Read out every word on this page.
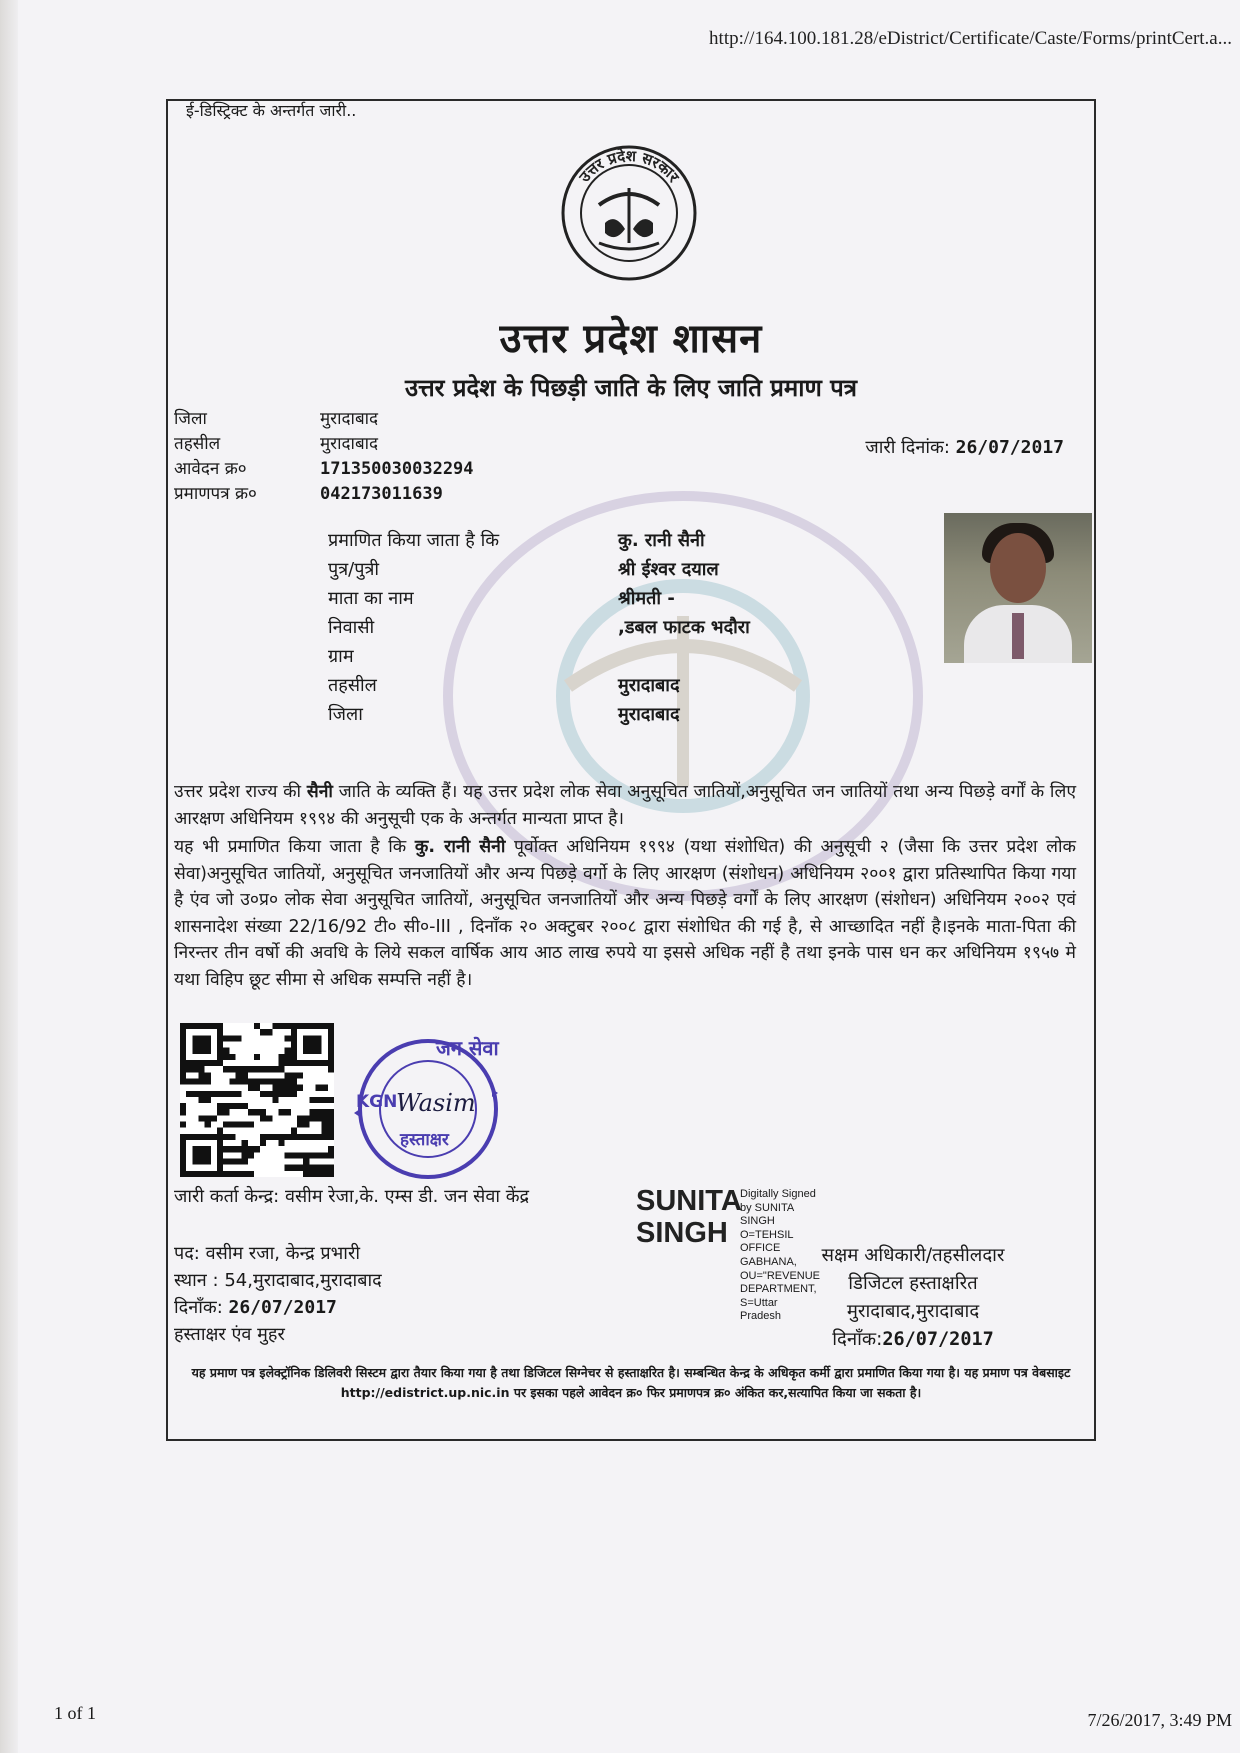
http://164.100.181.28/eDistrict/Certificate/Caste/Forms/printCert.a...
ई-डिस्ट्रिक्ट के अन्तर्गत जारी..
उत्तर प्रदेश सरकार
उत्तर प्रदेश शासन
उत्तर प्रदेश के पिछड़ी जाति के लिए जाति प्रमाण पत्र
जिला	मुरादाबाद
तहसील	मुरादाबाद
आवेदन क्र०	171350030032294
प्रमाणपत्र क्र०	042173011639
जारी दिनांक: 26/07/2017
प्रमाणित किया जाता है कि	कु. रानी सैनी
पुत्र/पुत्री	श्री ईश्वर दयाल
माता का नाम	श्रीमती -
निवासी	,डबल फाटक भदौरा
ग्राम
तहसील	मुरादाबाद
जिला	मुरादाबाद

उत्तर प्रदेश राज्य की सैनी जाति के व्यक्ति हैं। यह उत्तर प्रदेश लोक सेवा अनुसूचित जातियों,अनुसूचित जन जातियों तथा अन्य पिछड़े वर्गों के लिए आरक्षण अधिनियम १९९४ की अनुसूची एक के अन्तर्गत मान्यता प्राप्त है।

यह भी प्रमाणित किया जाता है कि कु. रानी सैनी पूर्वोक्त अधिनियम १९९४ (यथा संशोधित) की अनुसूची २ (जैसा कि उत्तर प्रदेश लोक सेवा)अनुसूचित जातियों, अनुसूचित जनजातियों और अन्य पिछड़े वर्गो के लिए आरक्षण (संशोधन) अधिनियम २००१ द्वारा प्रतिस्थापित किया गया है एंव जो उ०प्र० लोक सेवा अनुसूचित जातियों, अनुसूचित जनजातियों और अन्य पिछड़े वर्गों के लिए आरक्षण (संशोधन) अधिनियम २००२ एवं शासनादेश संख्या 22/16/92 टी० सी०-III , दिनाँक २० अक्टुबर २००८ द्वारा संशोधित की गई है, से आच्छादित नहीं है।इनके माता-पिता की निरन्तर तीन वर्षो की अवधि के लिये सकल वार्षिक आय आठ लाख रुपये या इससे अधिक नहीं है तथा इनके पास धन कर अधिनियम १९५७ मे यथा विहिप छूट सीमा से अधिक सम्पत्ति नहीं है।

जन सेवा
KGN
Wasim
हस्ताक्षर
जारी कर्ता केन्द्र: वसीम रेजा,के. एम्स डी. जन सेवा केंद्र	SUNITA
SINGH
Digitally Signed
by SUNITA
SINGH
O=TEHSIL
OFFICE
GABHANA,
OU="REVENUE
DEPARTMENT,
S=Uttar
Pradesh
पद: वसीम रजा, केन्द्र प्रभारी
स्थान : 54,मुरादाबाद,मुरादाबाद
दिनाँक: 26/07/2017
हस्ताक्षर एंव मुहर
सक्षम अधिकारी/तहसीलदार
डिजिटल हस्ताक्षरित
मुरादाबाद,मुरादाबाद
दिनाँक:26/07/2017
यह प्रमाण पत्र इलेक्ट्रॉनिक डिलिवरी सिस्टम द्वारा तैयार किया गया है तथा डिजिटल सिग्नेचर से हस्ताक्षरित है। सम्बन्धित केन्द्र के अधिकृत कर्मी द्वारा प्रमाणित किया गया है। यह प्रमाण पत्र वेबसाइट http://edistrict.up.nic.in पर इसका पहले आवेदन क्र० फिर प्रमाणपत्र क्र० अंकित कर,सत्यापित किया जा सकता है।
1 of 1	7/26/2017, 3:49 PM
